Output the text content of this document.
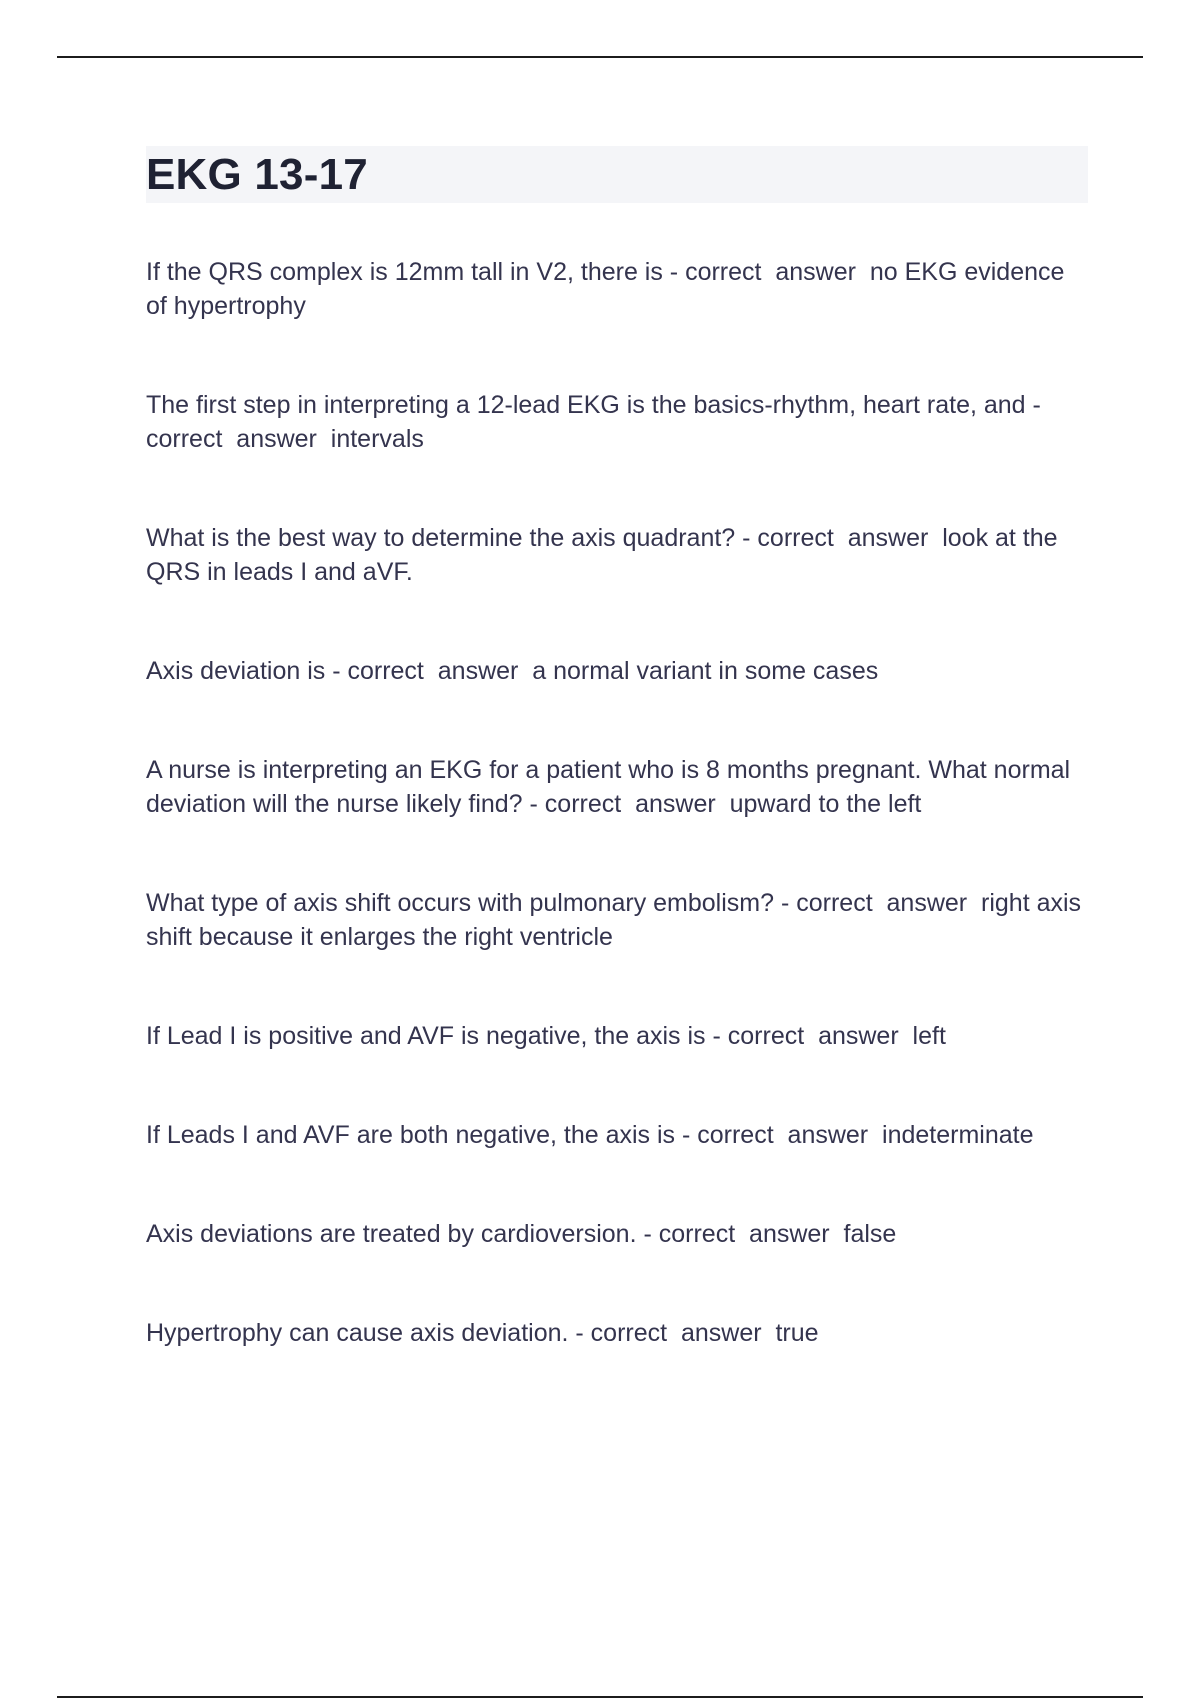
EKG 13-17

If the QRS complex is 12mm tall in V2, there is - correct  answer  no EKG evidence of hypertrophy

The first step in interpreting a 12-lead EKG is the basics-rhythm, heart rate, and - correct  answer  intervals

What is the best way to determine the axis quadrant? - correct  answer  look at the QRS in leads I and aVF.

Axis deviation is - correct  answer  a normal variant in some cases

A nurse is interpreting an EKG for a patient who is 8 months pregnant. What normal deviation will the nurse likely find? - correct  answer  upward to the left

What type of axis shift occurs with pulmonary embolism? - correct  answer  right axis shift because it enlarges the right ventricle

If Lead I is positive and AVF is negative, the axis is - correct  answer  left

If Leads I and AVF are both negative, the axis is - correct  answer  indeterminate

Axis deviations are treated by cardioversion. - correct  answer  false

Hypertrophy can cause axis deviation. - correct  answer  true
